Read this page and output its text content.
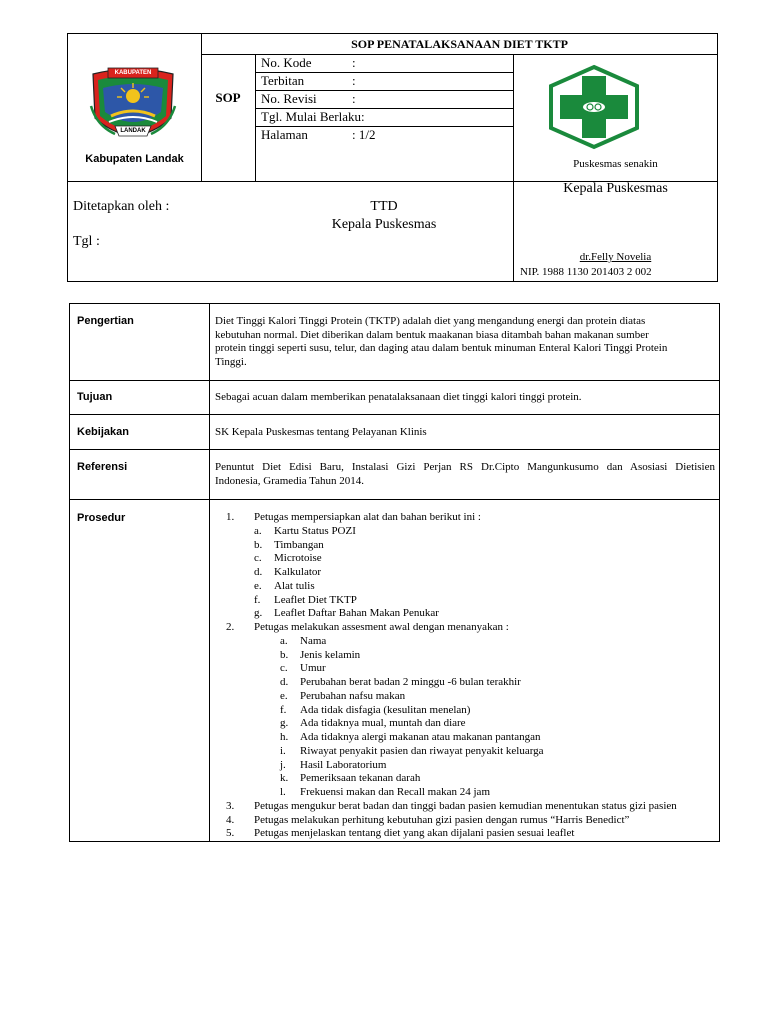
SOP PENATALAKSANAAN DIET TKTP
KABUPATEN
LANDAK
Kabupaten Landak
SOP
No. Kode	:
Terbitan	:
No. Revisi	:
Tgl. Mulai Berlaku:
Halaman	: 1/2
Puskesmas senakin
Ditetapkan oleh :
Tgl :
TTD
Kepala Puskesmas
Kepala Puskesmas
dr.Felly Novelia
NIP. 1988 1130 201403 2 002
Pengertian	Diet Tinggi Kalori Tinggi Protein (TKTP) adalah diet yang mengandung energi dan protein diatas
kebutuhan normal. Diet diberikan dalam bentuk maakanan biasa ditambah bahan makanan sumber
protein tinggi seperti susu, telur, dan daging atau dalam bentuk minuman Enteral Kalori Tinggi Protein
Tinggi.
Tujuan	Sebagai acuan dalam memberikan penatalaksanaan diet tinggi kalori tinggi protein.
Kebijakan	SK Kepala Puskesmas tentang Pelayanan Klinis
Referensi	Penuntut Diet Edisi Baru, Instalasi Gizi Perjan RS Dr.Cipto Mangunkusumo dan Asosiasi Dietisien
Indonesia, Gramedia Tahun 2014.
Prosedur	1. Petugas mempersiapkan alat dan bahan berikut ini :
a. Kartu Status POZI
b. Timbangan
c. Microtoise
d. Kalkulator
e. Alat tulis
f. Leaflet Diet TKTP
g. Leaflet Daftar Bahan Makan Penukar
2. Petugas melakukan assesment awal dengan menanyakan :
a. Nama
b. Jenis kelamin
c. Umur
d. Perubahan berat badan 2 minggu -6 bulan terakhir
e. Perubahan nafsu makan
f. Ada tidak disfagia (kesulitan menelan)
g. Ada tidaknya mual, muntah dan diare
h. Ada tidaknya alergi makanan atau makanan pantangan
i. Riwayat penyakit pasien dan riwayat penyakit keluarga
j. Hasil Laboratorium
k. Pemeriksaan tekanan darah
l. Frekuensi makan dan Recall makan 24 jam
3. Petugas mengukur berat badan dan tinggi badan pasien kemudian menentukan status gizi pasien
4. Petugas melakukan perhitung kebutuhan gizi pasien dengan rumus “Harris Benedict”
5. Petugas menjelaskan tentang diet yang akan dijalani pasien sesuai leaflet
